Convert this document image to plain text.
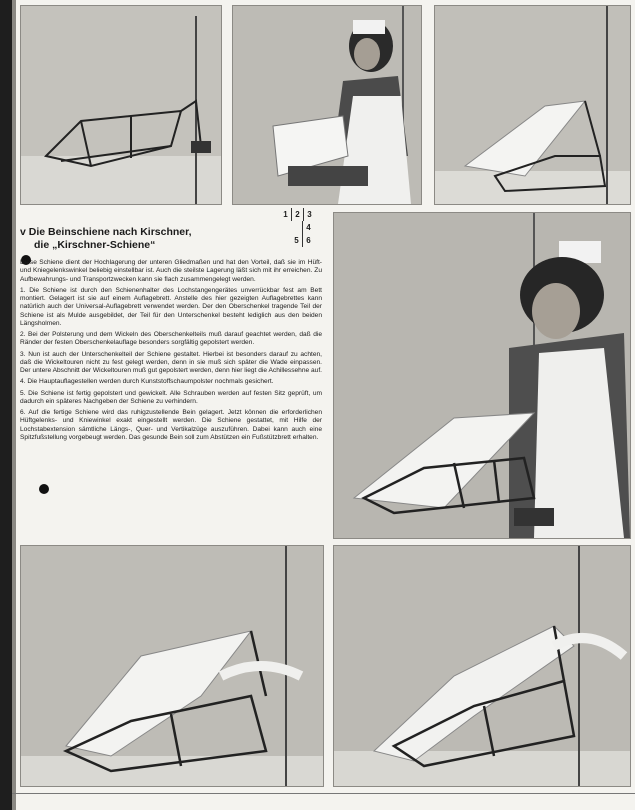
v Die Beinschiene nach Kirschner,
die „Kirschner-Schiene“
1 2 3
4
5 6

Diese Schiene dient der Hochlagerung der unteren Gliedmaßen und hat den Vorteil, daß sie im Hüft- und Kniegelenkswinkel beliebig einstellbar ist. Auch die steilste Lagerung läßt sich mit ihr erreichen. Zu Aufbewahrungs- und Transportzwecken kann sie flach zusammengelegt werden.

1. Die Schiene ist durch den Schienenhalter des Lochstangengerätes unverrückbar fest am Bett montiert. Gelagert ist sie auf einem Auflagebrett. Anstelle des hier gezeigten Auflagebrettes kann natürlich auch der Universal-Auflagebrett verwendet werden. Der den Oberschenkel tragende Teil der Schiene ist als Mulde ausgebildet, der Teil für den Unterschenkel besteht lediglich aus den beiden Längsholmen.

2. Bei der Polsterung und dem Wickeln des Oberschenkelteils muß darauf geachtet werden, daß die Ränder der festen Oberschenkelauflage besonders sorgfältig gepolstert werden.

3. Nun ist auch der Unterschenkelteil der Schiene gestaltet. Hierbei ist besonders darauf zu achten, daß die Wickeltouren nicht zu fest gelegt werden, denn in sie muß sich später die Wade einpassen. Der untere Abschnitt der Wickeltouren muß gut gepolstert werden, denn hier liegt die Achillessehne auf.

4. Die Hauptauflagestellen werden durch Kunststoffschaumpolster nochmals gesichert.

5. Die Schiene ist fertig gepolstert und gewickelt. Alle Schrauben werden auf festen Sitz geprüft, um dadurch ein späteres Nachgeben der Schiene zu verhindern.

6. Auf die fertige Schiene wird das ruhigzustellende Bein gelagert. Jetzt können die erforderlichen Hüftgelenks- und Kniewinkel exakt eingestellt werden. Die Schiene gestattet, mit Hilfe der Lochstabextension sämtliche Längs-, Quer- und Vertikalzüge auszuführen. Dabei kann auch eine Spitzfußstellung vorgebeugt werden. Das gesunde Bein soll zum Abstützen ein Fußstützbrett erhalten.
